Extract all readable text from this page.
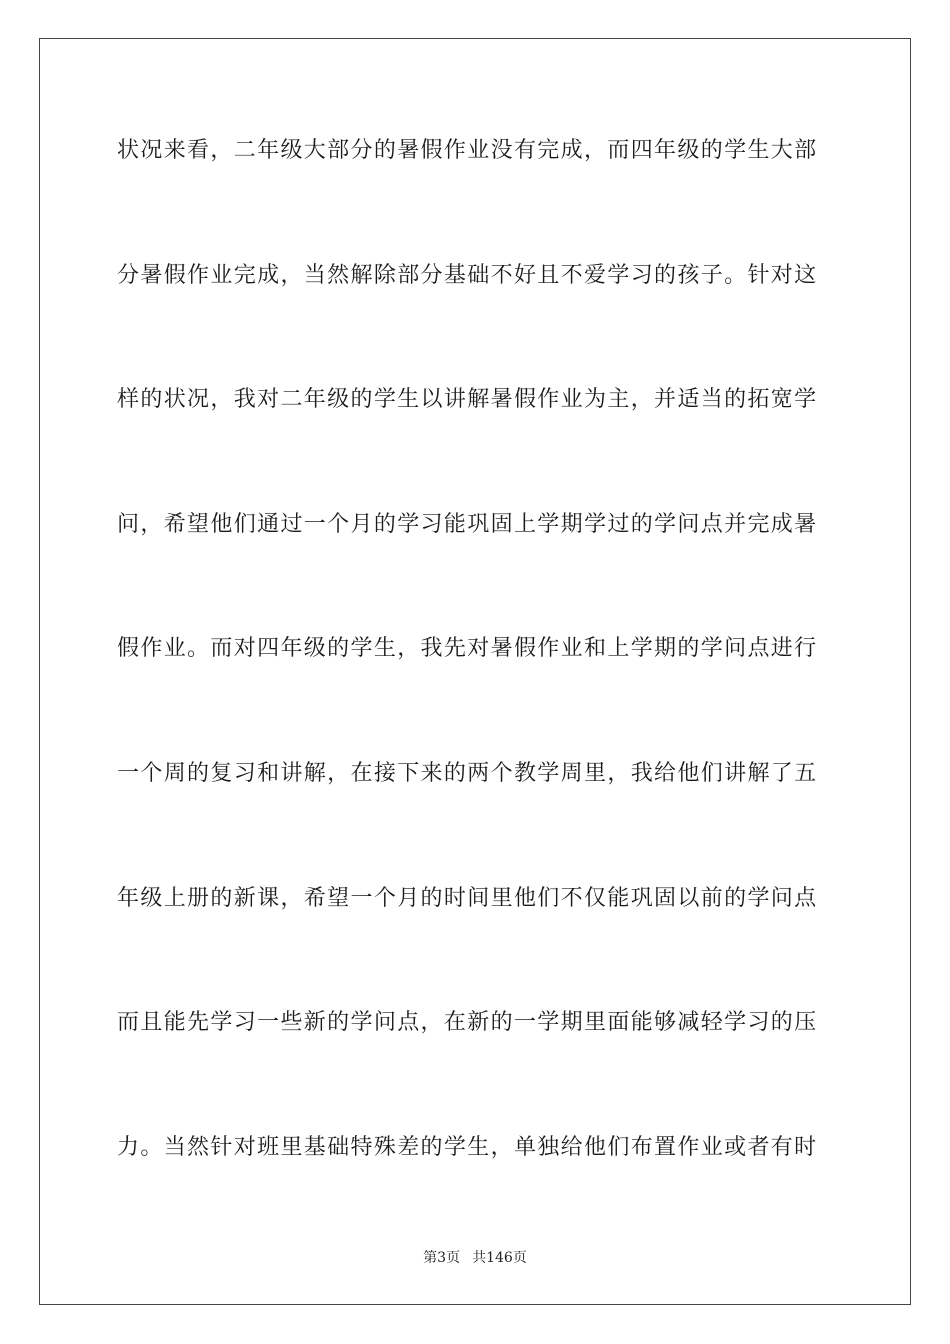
状况来看，二年级大部分的暑假作业没有完成，而四年级的学生大部
分暑假作业完成，当然解除部分基础不好且不爱学习的孩子。针对这
样的状况，我对二年级的学生以讲解暑假作业为主，并适当的拓宽学
问，希望他们通过一个月的学习能巩固上学期学过的学问点并完成暑
假作业。而对四年级的学生，我先对暑假作业和上学期的学问点进行
一个周的复习和讲解，在接下来的两个教学周里，我给他们讲解了五
年级上册的新课，希望一个月的时间里他们不仅能巩固以前的学问点
而且能先学习一些新的学问点，在新的一学期里面能够减轻学习的压
力。当然针对班里基础特殊差的学生，单独给他们布置作业或者有时
第3页 共146页
